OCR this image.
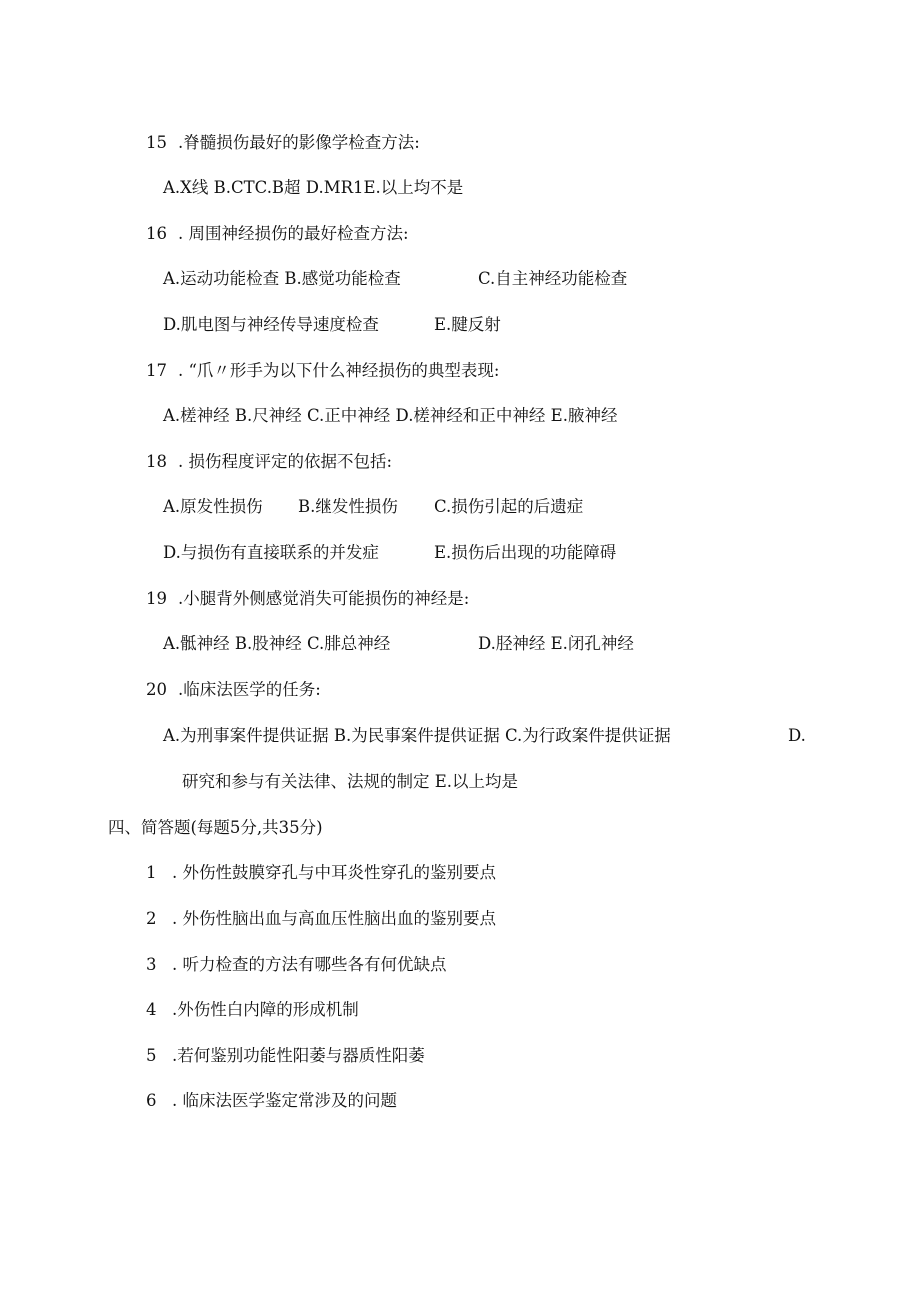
15 .脊髓损伤最好的影像学检查方法:
A.X线 B.CTC.B超 D.MR1E.以上均不是
16 . 周围神经损伤的最好检查方法:
A.运动功能检查 B.感觉功能检查	C.自主神经功能检查
D.肌电图与神经传导速度检查	E.腱反射
17 . “爪〃形手为以下什么神经损伤的典型表现:
A.槎神经 B.尺神经 C.正中神经 D.槎神经和正中神经 E.腋神经
18 . 损伤程度评定的依据不包括:
A.原发性损伤 B.继发性损伤 C.损伤引起的后遗症
D.与损伤有直接联系的并发症	E.损伤后出现的功能障碍
19 .小腿背外侧感觉消失可能损伤的神经是:
A.骶神经 B.股神经 C.腓总神经	D.胫神经 E.闭孔神经
20 .临床法医学的任务:
A.为刑事案件提供证据 B.为民事案件提供证据 C.为行政案件提供证据	D.
研究和参与有关法律、法规的制定 E.以上均是
四、简答题(每题5分,共35分)
1 . 外伤性鼓膜穿孔与中耳炎性穿孔的鉴别要点
2 . 外伤性脑出血与高血压性脑出血的鉴别要点
3 . 听力检查的方法有哪些各有何优缺点
4 .外伤性白内障的形成机制
5 .若何鉴别功能性阳萎与器质性阳萎
6 . 临床法医学鉴定常涉及的问题
